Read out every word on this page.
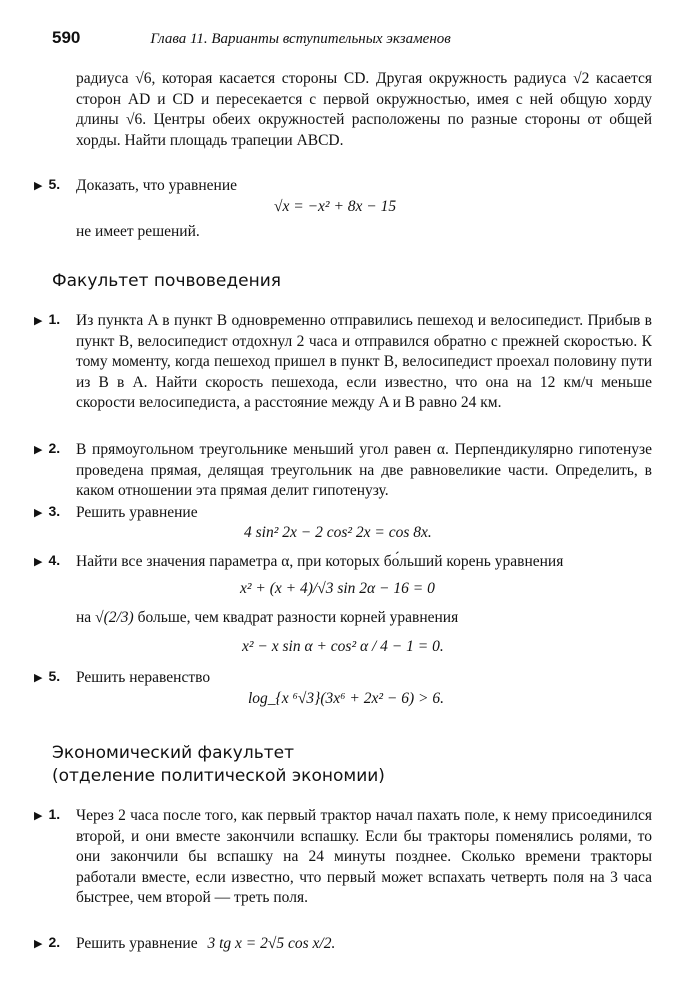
590	Глава 11. Варианты вступительных экзаменов
радиуса √6, которая касается стороны CD. Другая окружность радиуса √2 касается сторон AD и CD и пересекается с первой окружностью, имея с ней общую хорду длины √6. Центры обеих окружностей расположены по разные стороны от общей хорды. Найти площадь трапеции ABCD.
▶ 5. Доказать, что уравнение
√x = −x² + 8x − 15
не имеет решений.
Факультет почвоведения
▶ 1. Из пункта A в пункт B одновременно отправились пешеход и велосипедист. Прибыв в пункт B, велосипедист отдохнул 2 часа и отправился обратно с прежней скоростью. К тому моменту, когда пешеход пришел в пункт B, велосипедист проехал половину пути из B в A. Найти скорость пешехода, если известно, что она на 12 км/ч меньше скорости велосипедиста, а расстояние между A и B равно 24 км.
▶ 2. В прямоугольном треугольнике меньший угол равен α. Перпендикулярно гипотенузе проведена прямая, делящая треугольник на две равновеликие части. Определить, в каком отношении эта прямая делит гипотенузу.
▶ 3. Решить уравнение
4 sin² 2x − 2 cos² 2x = cos 8x.
▶ 4. Найти все значения параметра α, при которых бо́льший корень уравнения
x² + (x + 4)/√3 sin 2α − 16 = 0
на √(2/3) больше, чем квадрат разности корней уравнения
x² − x sin α + cos² α / 4 − 1 = 0.
▶ 5. Решить неравенство
log_{x ⁶√3}(3x⁶ + 2x² − 6) > 6.
Экономический факультет
(отделение политической экономии)
▶ 1. Через 2 часа после того, как первый трактор начал пахать поле, к нему присоединился второй, и они вместе закончили вспашку. Если бы тракторы поменялись ролями, то они закончили бы вспашку на 24 минуты позднее. Сколько времени тракторы работали вместе, если известно, что первый может вспахать четверть поля на 3 часа быстрее, чем второй — треть поля.
▶ 2. Решить уравнение 3 tg x = 2√5 cos x/2.
